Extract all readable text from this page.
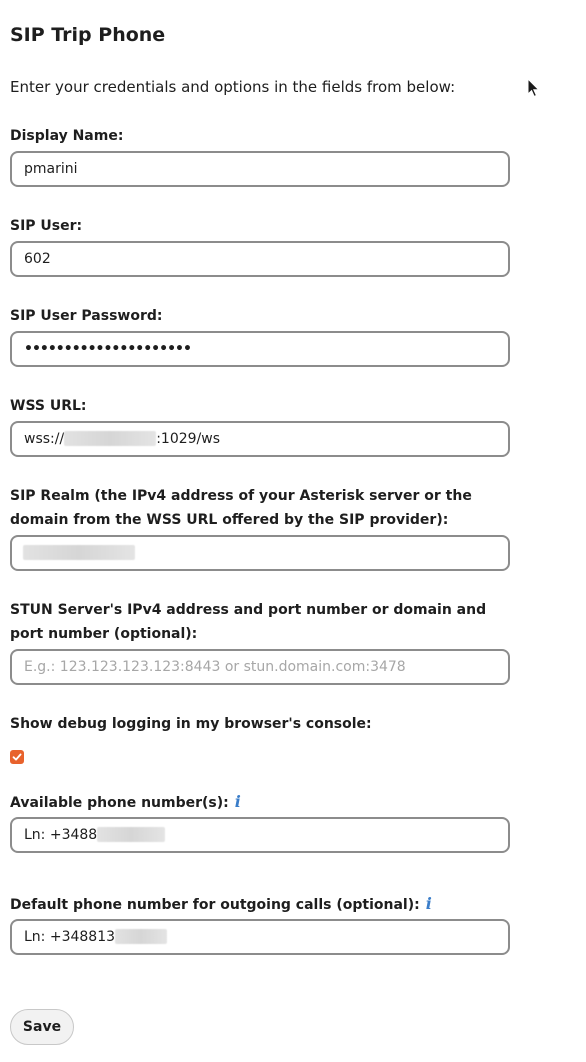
SIP Trip Phone

Enter your credentials and options in the fields from below:

Display Name:
pmarini
SIP User:
602
SIP User Password:
•••••••••••••••••••••
WSS URL:
wss://	:1029/ws
SIP Realm (the IPv4 address of your Asterisk server or the domain from the WSS URL offered by the SIP provider):
STUN Server's IPv4 address and port number or domain and port number (optional):
E.g.: 123.123.123.123:8443 or stun.domain.com:3478
Show debug logging in my browser's console:
Available phone number(s): i
Ln: +3488
Default phone number for outgoing calls (optional): i
Ln: +348813
Save
